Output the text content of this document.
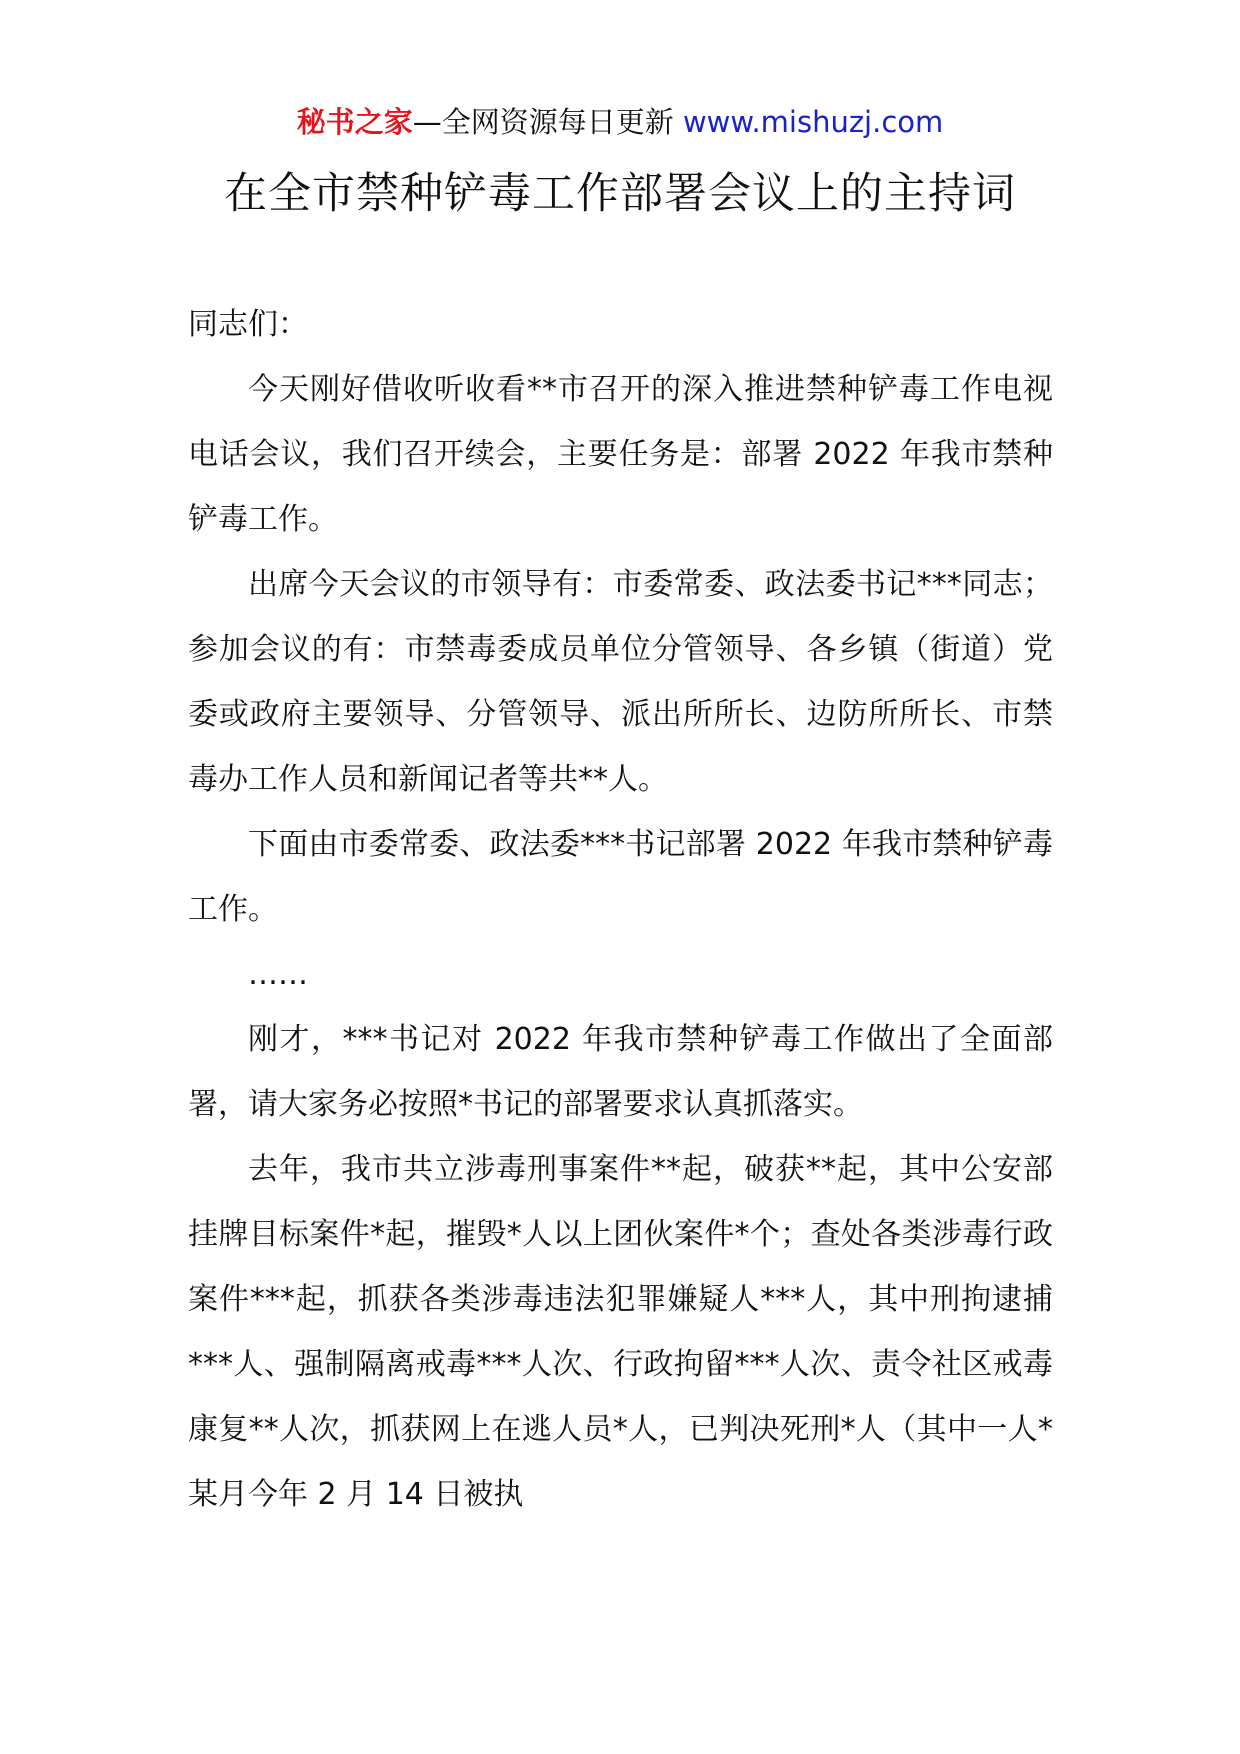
秘书之家—全网资源每日更新 www.mishuzj.com
在全市禁种铲毒工作部署会议上的主持词

同志们：

今天刚好借收听收看**市召开的深入推进禁种铲毒工作电视电话会议，我们召开续会，主要任务是：部署 2022 年我市禁种铲毒工作。

出席今天会议的市领导有：市委常委、政法委书记***同志；参加会议的有：市禁毒委成员单位分管领导、各乡镇（街道）党委或政府主要领导、分管领导、派出所所长、边防所所长、市禁毒办工作人员和新闻记者等共**人。

下面由市委常委、政法委***书记部署 2022 年我市禁种铲毒工作。

……

刚才，***书记对 2022 年我市禁种铲毒工作做出了全面部署，请大家务必按照*书记的部署要求认真抓落实。

去年，我市共立涉毒刑事案件**起，破获**起，其中公安部挂牌目标案件*起，摧毁*人以上团伙案件*个；查处各类涉毒行政案件***起，抓获各类涉毒违法犯罪嫌疑人***人，其中刑拘逮捕***人、强制隔离戒毒***人次、行政拘留***人次、责令社区戒毒康复**人次，抓获网上在逃人员*人，已判决死刑*人（其中一人*某月今年 2 月 14 日被执
